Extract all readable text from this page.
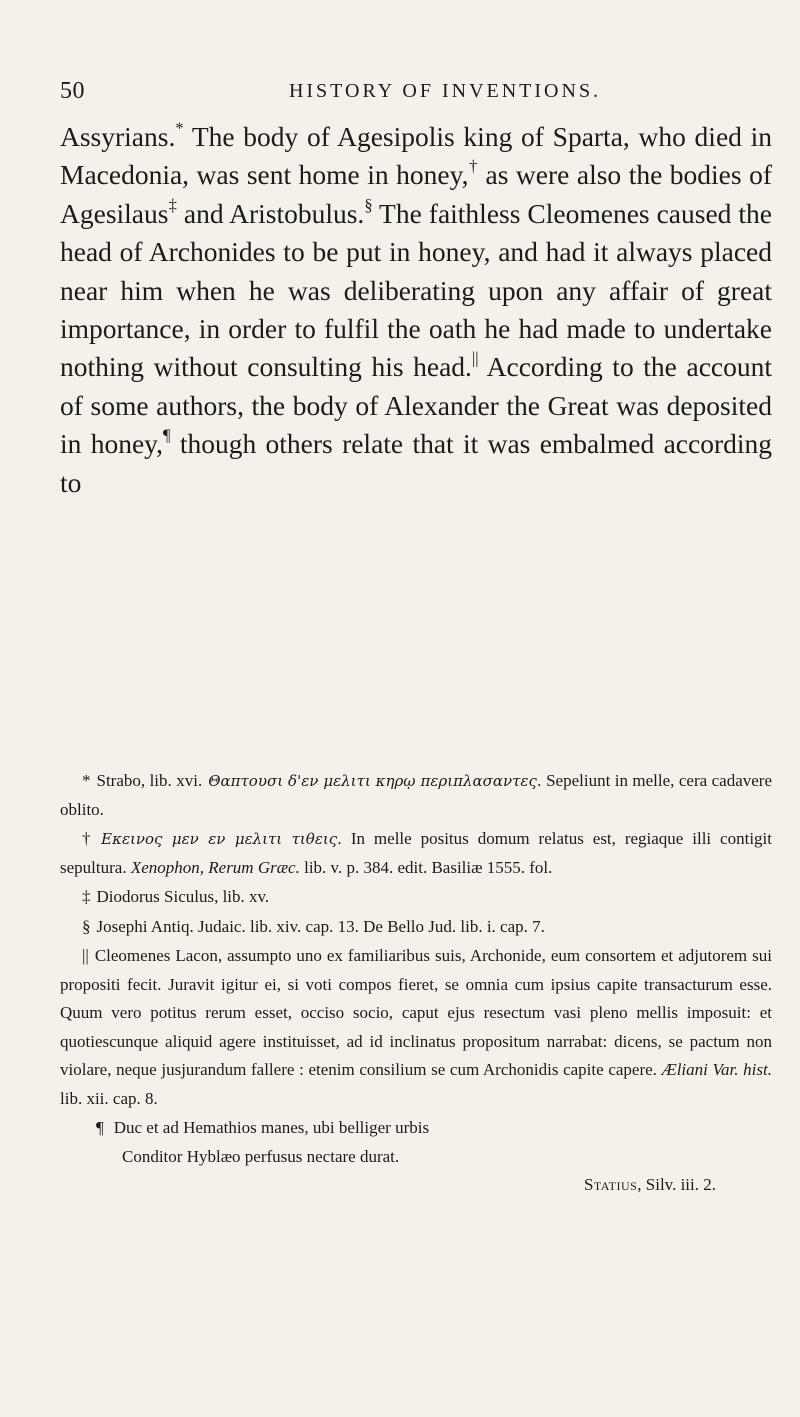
50	HISTORY OF INVENTIONS.

Assyrians.* The body of Agesipolis king of Sparta, who died in Macedonia, was sent home in honey,† as were also the bodies of Agesilaus‡ and Aristobulus.§ The faithless Cleomenes caused the head of Archonides to be put in honey, and had it always placed near him when he was deliberating upon any affair of great importance, in order to fulfil the oath he had made to undertake nothing without consulting his head.|| According to the account of some authors, the body of Alexander the Great was deposited in honey,¶ though others relate that it was embalmed according to

* Strabo, lib. xvi. Θαπτουσι δ'εν μελιτι κηρῳ περιπλασαντες. Sepeliunt in melle, cera cadavere oblito.

† Εκεινος μεν εν μελιτι τιθεις. In melle positus domum relatus est, regiaque illi contigit sepultura. Xenophon, Rerum Græc. lib. v. p. 384. edit. Basiliæ 1555. fol.

‡ Diodorus Siculus, lib. xv.

§ Josephi Antiq. Judaic. lib. xiv. cap. 13. De Bello Jud. lib. i. cap. 7.

|| Cleomenes Lacon, assumpto uno ex familiaribus suis, Archonide, eum consortem et adjutorem sui propositi fecit. Juravit igitur ei, si voti compos fieret, se omnia cum ipsius capite transacturum esse. Quum vero potitus rerum esset, occiso socio, caput ejus resectum vasi pleno mellis imposuit: et quotiescunque aliquid agere instituisset, ad id inclinatus propositum narrabat: dicens, se pactum non violare, neque jusjurandum fallere : etenim consilium se cum Archonidis capite capere. Æliani Var. hist. lib. xii. cap. 8.

¶ Duc et ad Hemathios manes, ubi belliger urbis

Conditor Hyblæo perfusus nectare durat.

Statius, Silv. iii. 2.
